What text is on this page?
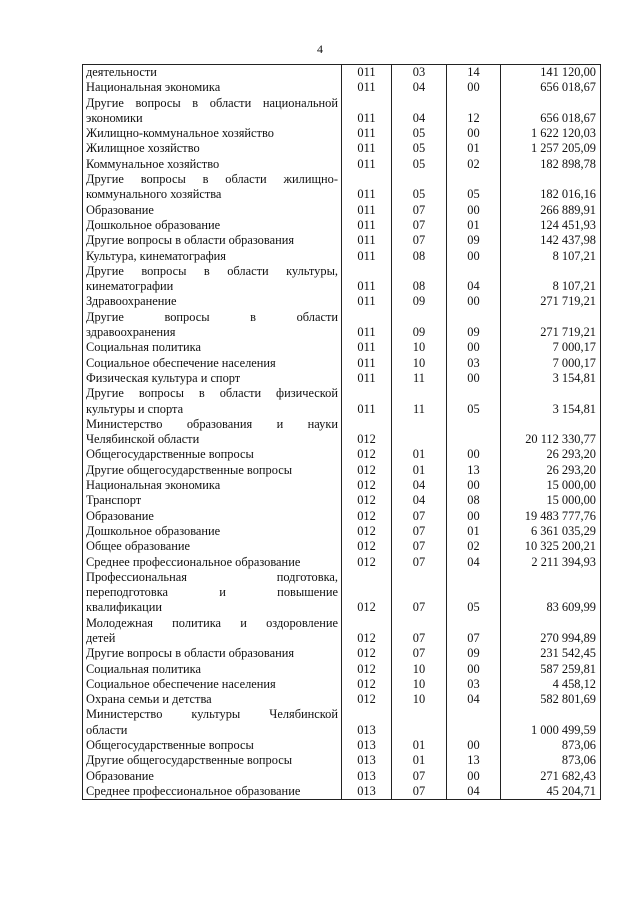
4
деятельности	011	03	14	141 120,00

Национальная экономика	011	04	00	656 018,67

Другие вопросы в области национальной
экономики	011	04	12	656 018,67

Жилищно-коммунальное хозяйство	011	05	00	1 622 120,03

Жилищное хозяйство	011	05	01	1 257 205,09

Коммунальное хозяйство	011	05	02	182 898,78

Другие вопросы в области жилищно-
коммунального хозяйства	011	05	05	182 016,16

Образование	011	07	00	266 889,91

Дошкольное образование	011	07	01	124 451,93

Другие вопросы в области образования	011	07	09	142 437,98

Культура, кинематография	011	08	00	8 107,21

Другие вопросы в области культуры,
кинематографии	011	08	04	8 107,21

Здравоохранение	011	09	00	271 719,21

Другие вопросы в области
здравоохранения	011	09	09	271 719,21

Социальная политика	011	10	00	7 000,17

Социальное обеспечение населения	011	10	03	7 000,17

Физическая культура и спорт	011	11	00	3 154,81

Другие вопросы в области физической
культуры и спорта	011	11	05	3 154,81

Министерство образования и науки
Челябинской области	012			20 112 330,77

Общегосударственные вопросы	012	01	00	26 293,20

Другие общегосударственные вопросы	012	01	13	26 293,20

Национальная экономика	012	04	00	15 000,00

Транспорт	012	04	08	15 000,00

Образование	012	07	00	19 483 777,76

Дошкольное образование	012	07	01	6 361 035,29

Общее образование	012	07	02	10 325 200,21

Среднее профессиональное образование	012	07	04	2 211 394,93

Профессиональная подготовка,
переподготовка и повышение
квалификации	012	07	05	83 609,99

Молодежная политика и оздоровление
детей	012	07	07	270 994,89

Другие вопросы в области образования	012	07	09	231 542,45

Социальная политика	012	10	00	587 259,81

Социальное обеспечение населения	012	10	03	4 458,12

Охрана семьи и детства	012	10	04	582 801,69

Министерство культуры Челябинской
области	013			1 000 499,59

Общегосударственные вопросы	013	01	00	873,06

Другие общегосударственные вопросы	013	01	13	873,06

Образование	013	07	00	271 682,43

Среднее профессиональное образование	013	07	04	45 204,71
